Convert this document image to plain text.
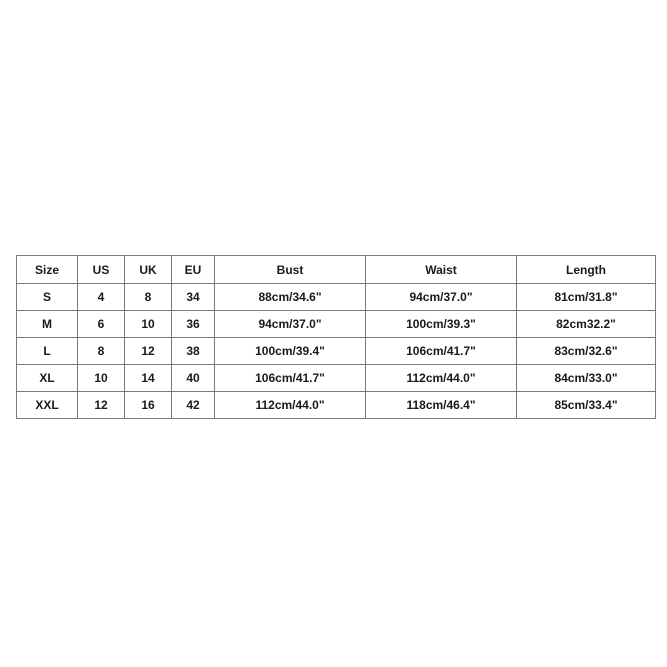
Size	US	UK	EU	Bust	Waist	Length
S	4	8	34	88cm/34.6"	94cm/37.0"	81cm/31.8"
M	6	10	36	94cm/37.0"	100cm/39.3"	82cm32.2"
L	8	12	38	100cm/39.4"	106cm/41.7"	83cm/32.6"
XL	10	14	40	106cm/41.7"	112cm/44.0"	84cm/33.0"
XXL	12	16	42	112cm/44.0"	118cm/46.4"	85cm/33.4"
